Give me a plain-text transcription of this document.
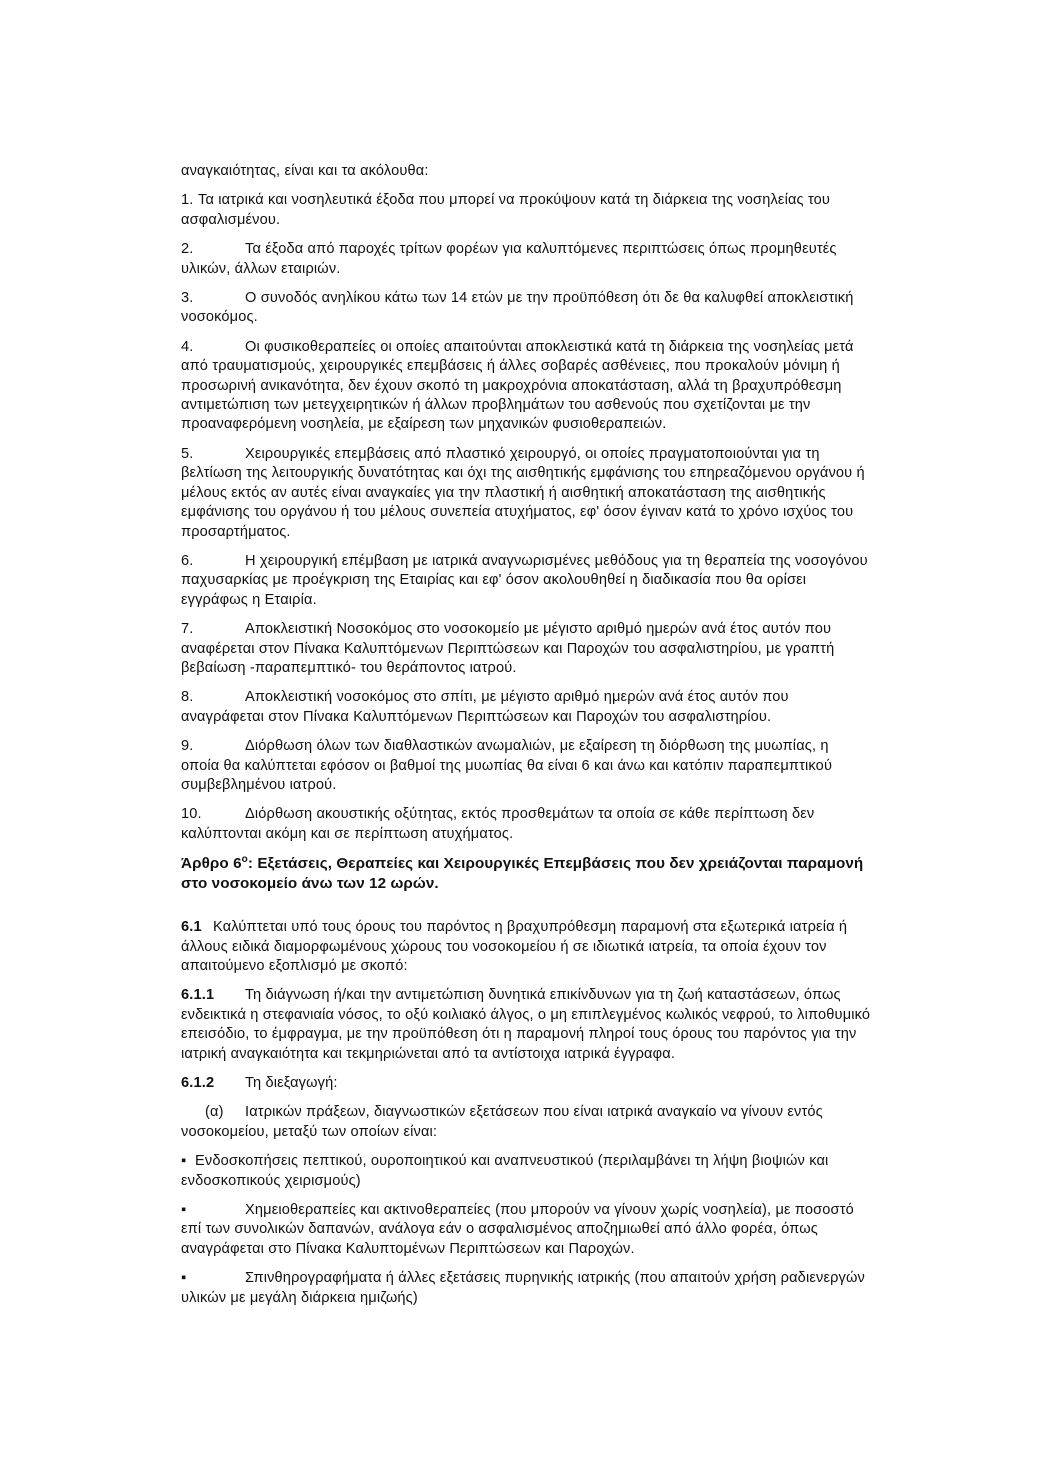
αναγκαιότητας, είναι και τα ακόλουθα:

1. Τα ιατρικά και νοσηλευτικά έξοδα που μπορεί να προκύψουν κατά τη διάρκεια της νοσηλείας του ασφαλισμένου.

2.	Τα έξοδα από παροχές τρίτων φορέων για καλυπτόμενες περιπτώσεις όπως προμηθευτές υλικών, άλλων εταιριών.

3.	Ο συνοδός ανηλίκου κάτω των 14 ετών με την προϋπόθεση ότι δε θα καλυφθεί αποκλειστική νοσοκόμος.

4.	Οι φυσικοθεραπείες οι οποίες απαιτούνται αποκλειστικά κατά τη διάρκεια της νοσηλείας μετά από τραυματισμούς, χειρουργικές επεμβάσεις ή άλλες σοβαρές ασθένειες, που προκαλούν μόνιμη ή προσωρινή ανικανότητα, δεν έχουν σκοπό τη μακροχρόνια αποκατάσταση, αλλά τη βραχυπρόθεσμη αντιμετώπιση των μετεγχειρητικών ή άλλων προβλημάτων του ασθενούς που σχετίζονται με την προαναφερόμενη νοσηλεία, με εξαίρεση των μηχανικών φυσιοθεραπειών.

5.	Χειρουργικές επεμβάσεις από πλαστικό χειρουργό, οι οποίες πραγματοποιούνται για τη βελτίωση της λειτουργικής δυνατότητας και όχι της αισθητικής εμφάνισης του επηρεαζόμενου οργάνου ή μέλους εκτός αν αυτές είναι αναγκαίες για την πλαστική ή αισθητική αποκατάσταση της αισθητικής εμφάνισης του οργάνου ή του μέλους συνεπεία ατυχήματος, εφ' όσον έγιναν κατά το χρόνο ισχύος του προσαρτήματος.

6.	Η χειρουργική επέμβαση με ιατρικά αναγνωρισμένες μεθόδους για τη θεραπεία της νοσογόνου παχυσαρκίας με προέγκριση της Εταιρίας και εφ' όσον ακολουθηθεί η διαδικασία που θα ορίσει εγγράφως η Εταιρία.

7.	Αποκλειστική Νοσοκόμος στο νοσοκομείο με μέγιστο αριθμό ημερών ανά έτος αυτόν που αναφέρεται στον Πίνακα Καλυπτόμενων Περιπτώσεων και Παροχών του ασφαλιστηρίου, με γραπτή βεβαίωση -παραπεμπτικό- του θεράποντος ιατρού.

8.	Αποκλειστική νοσοκόμος στο σπίτι, με μέγιστο αριθμό ημερών ανά έτος αυτόν που αναγράφεται στον Πίνακα Καλυπτόμενων Περιπτώσεων και Παροχών του ασφαλιστηρίου.

9.	Διόρθωση όλων των διαθλαστικών ανωμαλιών, με εξαίρεση τη διόρθωση της μυωπίας, η οποία θα καλύπτεται εφόσον οι βαθμοί της μυωπίας θα είναι 6 και άνω και κατόπιν παραπεμπτικού συμβεβλημένου ιατρού.

10.	Διόρθωση ακουστικής οξύτητας, εκτός προσθεμάτων τα οποία σε κάθε περίπτωση δεν καλύπτονται ακόμη και σε περίπτωση ατυχήματος.

Άρθρο $6^o$: Εξετάσεις, Θεραπείες και Χειρουργικές Επεμβάσεις που δεν χρειάζονται παραμονή στο νοσοκομείο άνω των 12 ωρών.

6.1 Καλύπτεται υπό τους όρους του παρόντος η βραχυπρόθεσμη παραμονή στα εξωτερικά ιατρεία ή άλλους ειδικά διαμορφωμένους χώρους του νοσοκομείου ή σε ιδιωτικά ιατρεία, τα οποία έχουν τον απαιτούμενο εξοπλισμό με σκοπό:

6.1.1 Τη διάγνωση ή/και την αντιμετώπιση δυνητικά επικίνδυνων για τη ζωή καταστάσεων, όπως ενδεικτικά η στεφανιαία νόσος, το οξύ κοιλιακό άλγος, ο μη επιπλεγμένος κωλικός νεφρού, το λιποθυμικό επεισόδιο, το έμφραγμα, με την προϋπόθεση ότι η παραμονή πληροί τους όρους του παρόντος για την ιατρική αναγκαιότητα και τεκμηριώνεται από τα αντίστοιχα ιατρικά έγγραφα.

6.1.2 Τη διεξαγωγή:

(α) Ιατρικών πράξεων, διαγνωστικών εξετάσεων που είναι ιατρικά αναγκαίο να γίνουν εντός νοσοκομείου, μεταξύ των οποίων είναι:

▪ Ενδοσκοπήσεις πεπτικού, ουροποιητικού και αναπνευστικού (περιλαμβάνει τη λήψη βιοψιών και ενδοσκοπικούς χειρισμούς)

▪	Χημειοθεραπείες και ακτινοθεραπείες (που μπορούν να γίνουν χωρίς νοσηλεία), με ποσοστό επί των συνολικών δαπανών, ανάλογα εάν ο ασφαλισμένος αποζημιωθεί από άλλο φορέα, όπως αναγράφεται στο Πίνακα Καλυπτομένων Περιπτώσεων και Παροχών.

▪	Σπινθηρογραφήματα ή άλλες εξετάσεις πυρηνικής ιατρικής (που απαιτούν χρήση ραδιενεργών υλικών με μεγάλη διάρκεια ημιζωής)
